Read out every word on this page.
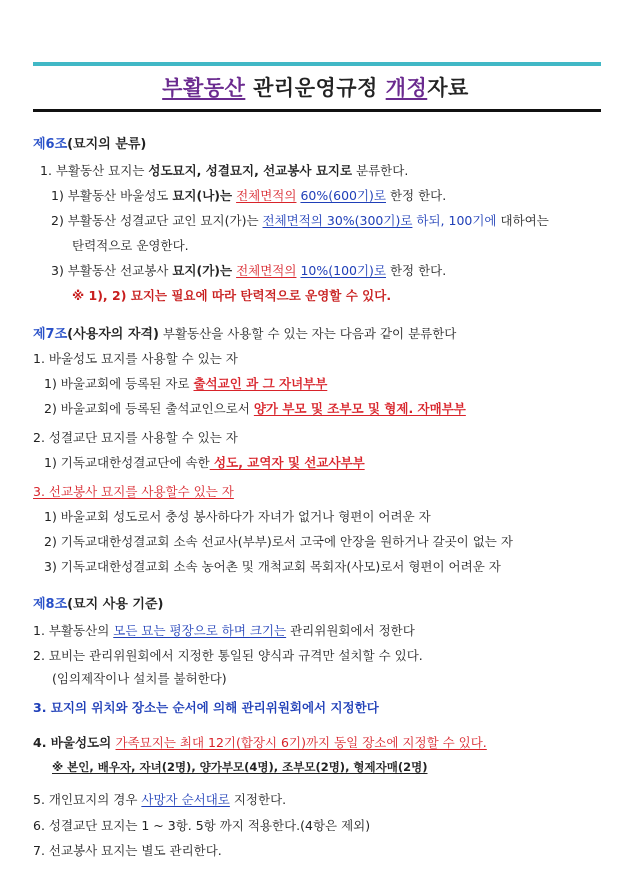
부활동산 관리운영규정 개정자료
제6조(묘지의 분류)
1. 부활동산 묘지는 성도묘지, 성결묘지, 선교봉사 묘지로 분류한다.
1) 부활동산 바울성도 묘지(나)는 전체면적의 60%(600기)로 한정 한다.
2) 부활동산 성결교단 교인 묘지(가)는 전체면적의 30%(300기)로 하되, 100기에 대하여는
탄력적으로 운영한다.
3) 부활동산 선교봉사 묘지(가)는 전체면적의 10%(100기)로 한정 한다.
※ 1), 2) 묘지는 필요에 따라 탄력적으로 운영할 수 있다.
제7조(사용자의 자격) 부활동산을 사용할 수 있는 자는 다음과 같이 분류한다
1. 바울성도 묘지를 사용할 수 있는 자
1) 바울교회에 등록된 자로 출석교인 과 그 자녀부부
2) 바울교회에 등록된 출석교인으로서 양가 부모 및 조부모 및 형제. 자매부부
2. 성결교단 묘지를 사용할 수 있는 자
1) 기독교대한성결교단에 속한 성도, 교역자 및 선교사부부
3. 선교봉사 묘지를 사용할수 있는 자
1) 바울교회 성도로서 충성 봉사하다가 자녀가 없거나 형편이 어려운 자
2) 기독교대한성결교회 소속 선교사(부부)로서 고국에 안장을 원하거나 갈곳이 없는 자
3) 기독교대한성결교회 소속 농어촌 및 개척교회 목회자(사모)로서 형편이 어려운 자
제8조(묘지 사용 기준)
1. 부활동산의 모든 묘는 평장으로 하며 크기는 관리위원회에서 정한다
2. 묘비는 관리위원회에서 지정한 통일된 양식과 규격만 설치할 수 있다.
(임의제작이나 설치를 불허한다)
3. 묘지의 위치와 장소는 순서에 의해 관리위원회에서 지정한다
4. 바울성도의 가족묘지는 최대 12기(합장시 6기)까지 동일 장소에 지정할 수 있다.
※ 본인, 배우자, 자녀(2명), 양가부모(4명), 조부모(2명), 형제자매(2명)
5. 개인묘지의 경우 사망자 순서대로 지정한다.
6. 성결교단 묘지는 1 ~ 3항. 5항 까지 적용한다.(4항은 제외)
7. 선교봉사 묘지는 별도 관리한다.
